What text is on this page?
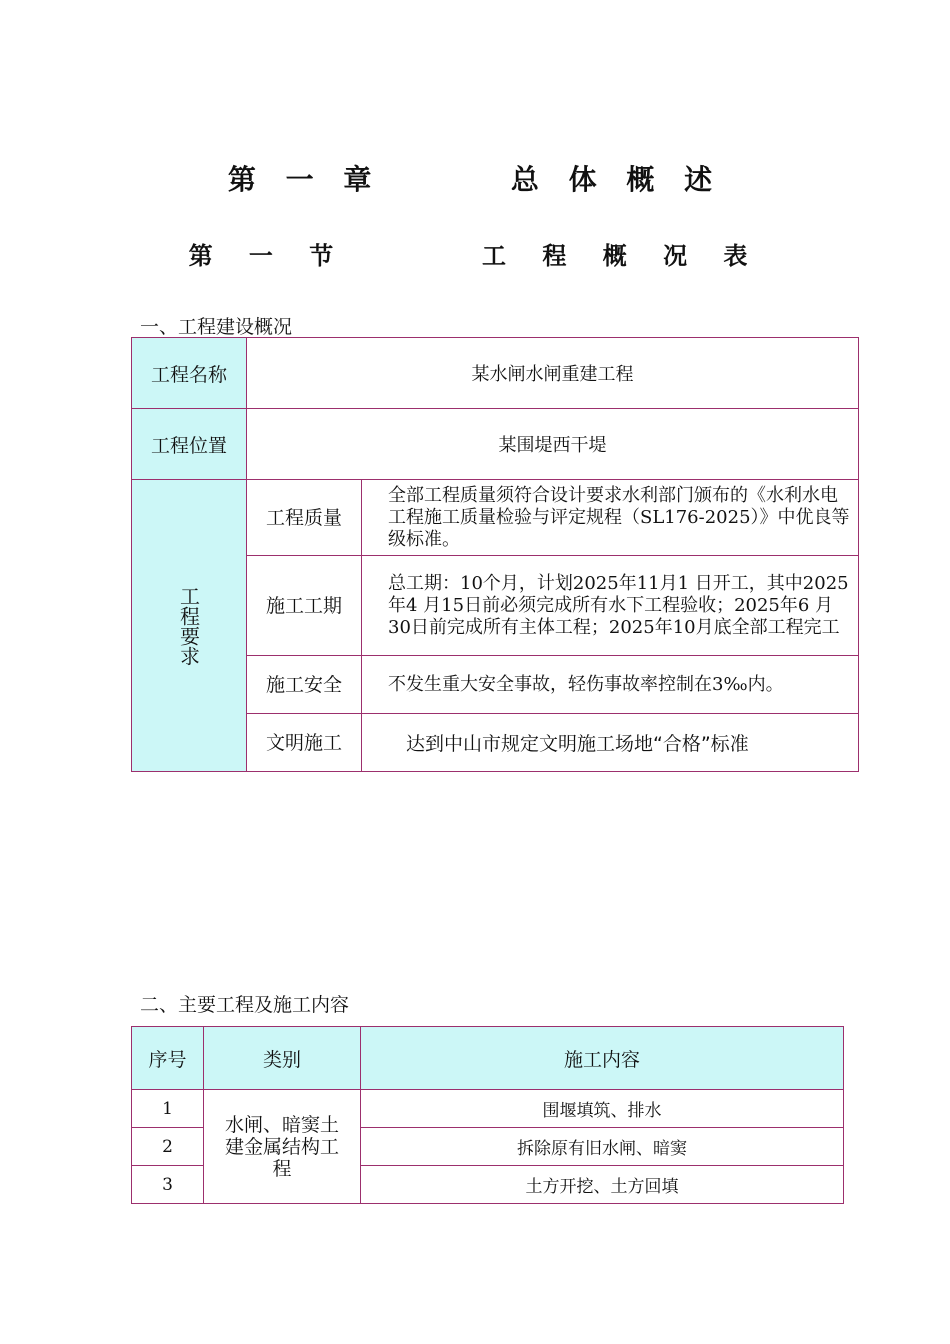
第 一 章	总 体 概 述
第 一 节	工 程 概 况 表
一、工程建设概况
工程名称	某水闸水闸重建工程	
工程位置	某围堤西干堤	

工程要求	工程质量	全部工程质量须符合设计要求水利部门颁布的《水利水电工程施工质量检验与评定规程（SL176-2025）》中优良等级标准。
	施工工期	总工期：10个月，计划2025年11月1 日开工，其中2025年4 月15日前必须完成所有水下工程验收；2025年6 月30日前完成所有主体工程；2025年10月底全部工程完工
	施工安全	不发生重大安全事故，轻伤事故率控制在3‰内。
	文明施工	达到中山市规定文明施工场地“合格”标准
二、主要工程及施工内容
序号	类别	施工内容
1	水闸、暗窦土建金属结构工程	围堰填筑、排水
2		拆除原有旧水闸、暗窦
3		土方开挖、土方回填
